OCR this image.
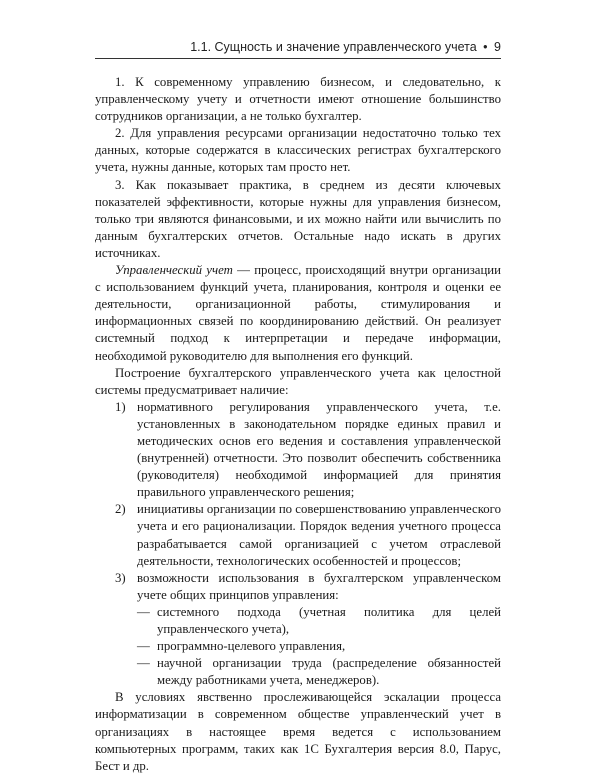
1.1. Сущность и значение управленческого учета • 9

1. К современному управлению бизнесом, и следовательно, к управленческому учету и отчетности имеют отношение большинство сотрудников организации, а не только бухгалтер.

2. Для управления ресурсами организации недостаточно только тех данных, которые содержатся в классических регистрах бухгалтерского учета, нужны данные, которых там просто нет.

3. Как показывает практика, в среднем из десяти ключевых показателей эффективности, которые нужны для управления бизнесом, только три являются финансовыми, и их можно найти или вычислить по данным бухгалтерских отчетов. Остальные надо искать в других источниках.

Управленческий учет — процесс, происходящий внутри организации с использованием функций учета, планирования, контроля и оценки ее деятельности, организационной работы, стимулирования и информационных связей по координированию действий. Он реализует системный подход к интерпретации и передаче информации, необходимой руководителю для выполнения его функций.

Построение бухгалтерского управленческого учета как целостной системы предусматривает наличие:

1) нормативного регулирования управленческого учета, т.е. установленных в законодательном порядке единых правил и методических основ его ведения и составления управленческой (внутренней) отчетности. Это позволит обеспечить собственника (руководителя) необходимой информацией для принятия правильного управленческого решения;
2) инициативы организации по совершенствованию управленческого учета и его рационализации. Порядок ведения учетного процесса разрабатывается самой организацией с учетом отраслевой деятельности, технологических особенностей и процессов;
3) возможности использования в бухгалтерском управленческом учете общих принципов управления:
— системного подхода (учетная политика для целей управленческого учета),
— программно-целевого управления,
— научной организации труда (распределение обязанностей между работниками учета, менеджеров).

В условиях явственно прослеживающейся эскалации процесса информатизации в современном обществе управленческий учет в организациях в настоящее время ведется с использованием компьютерных программ, таких как 1С Бухгалтерия версия 8.0, Парус, Бест и др.
